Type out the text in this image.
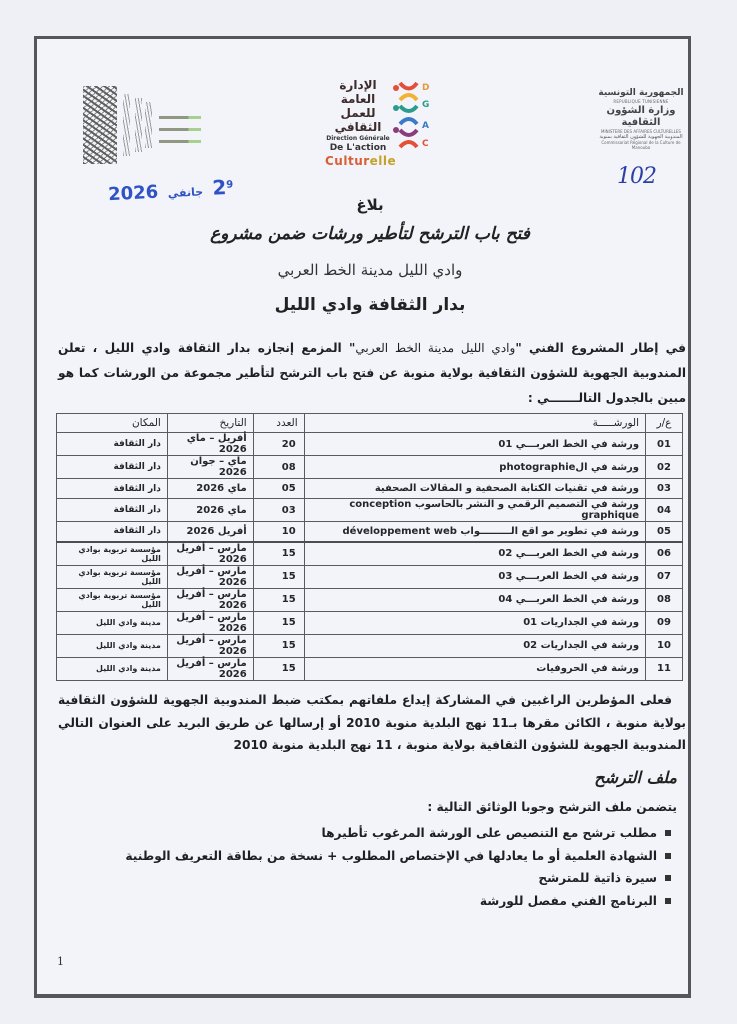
الإدارة العامة
للعمل الثقافي
Direction Générale
De L'action
Culturelle
D
G
A
C
الجمهورية التونسية
REPUBLIQUE TUNISIENNE
وزارة الشؤون الثقافية
MINISTERE DES AFFAIRES CULTURELLES
المندوبية الجهوية للشؤون الثقافية بمنوبة
Commissariat Régional de la Culture de Manouba
102
$2^9$ جانفي 2026	بلاغ
فتح باب الترشح لتأطير ورشات ضمن مشروع
وادي الليل مدينة الخط العربي
بدار الثقافة وادي الليل
في إطار المشروع الفني "وادي الليل مدينة الخط العربي" المزمع إنجازه بدار الثقافة وادي الليل ، تعلن المندوبية الجهوية للشؤون الثقافية بولاية منوبة عن فتح باب الترشح لتأطير مجموعة من الورشات كما هو مبين بالجدول التالـــــــي :
ع/ر	الورشـــــة	العدد	التاريخ	المكان
01	ورشة في الخط العربـــي 01	20	أفريل – ماي 2026	دار الثقافة
02	ورشة في الphotographie	08	ماي – جوان 2026	دار الثقافة
03	ورشة في تقنيات الكتابة الصحفية و المقالات الصحفية	05	ماي 2026	دار الثقافة
04	ورشة في التصميم الرقمي و النشر بالحاسوب conception graphique	03	ماي 2026	دار الثقافة
05	ورشة في تطوير مو اقع الـــــــــواب développement web	10	أفريل 2026	دار الثقافة
06	ورشة في الخط العربـــي 02	15	مارس – أفريل 2026	مؤسسة تربوية بوادي الليل
07	ورشة في الخط العربـــي 03	15	مارس – أفريل 2026	مؤسسة تربوية بوادي الليل
08	ورشة في الخط العربـــي 04	15	مارس – أفريل 2026	مؤسسة تربوية بوادي الليل
09	ورشة في الجداريات 01	15	مارس – أفريل 2026	مدينة وادي الليل
10	ورشة في الجداريات 02	15	مارس – أفريل 2026	مدينة وادي الليل
11	ورشة في الحروفيات	15	مارس – أفريل 2026	مدينة وادي الليل
فعلى المؤطرين الراغبين في المشاركة إيداع ملفاتهم بمكتب ضبط المندوبية الجهوية للشؤون الثقافية بولاية منوبة ، الكائن مقرها بـ11 نهج البلدية منوبة 2010 أو إرسالها عن طريق البريد على العنوان التالي المندوبية الجهوية للشؤون الثقافية بولاية منوبة ، 11 نهج البلدية منوبة 2010
ملف الترشح
يتضمن ملف الترشح وجوبا الوثائق التالية :
مطلب ترشح مع التنصيص على الورشة المرغوب تأطيرها
الشهادة العلمية أو ما يعادلها في الإختصاص المطلوب + نسخة من بطاقة التعريف الوطنية
سيرة ذاتية للمترشح
البرنامج الفني مفصل للورشة
1
